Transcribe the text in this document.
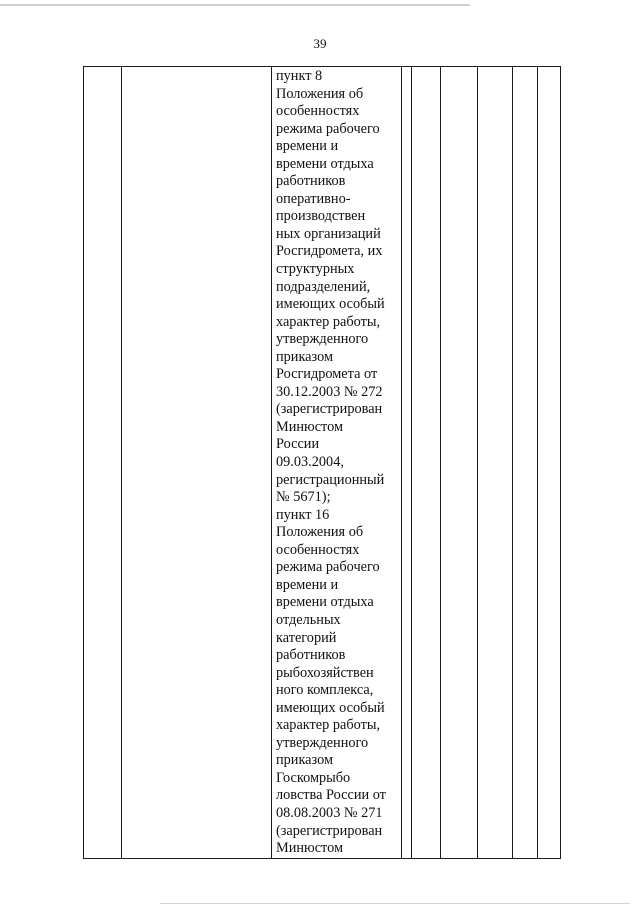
39

пункт 8
Положения об
особенностях
режима рабочего
времени и
времени отдыха
работников
оперативно-
производствен
ных организаций
Росгидромета, их
структурных
подразделений,
имеющих особый
характер работы,
утвержденного
приказом
Росгидромета от
30.12.2003 № 272
(зарегистрирован
Минюстом
России
09.03.2004,
регистрационный
№ 5671);
пункт 16
Положения об
особенностях
режима рабочего
времени и
времени отдыха
отдельных
категорий
работников
рыбохозяйствен
ного комплекса,
имеющих особый
характер работы,
утвержденного
приказом
Госкомрыбо
ловства России от
08.08.2003 № 271
(зарегистрирован
Минюстом
